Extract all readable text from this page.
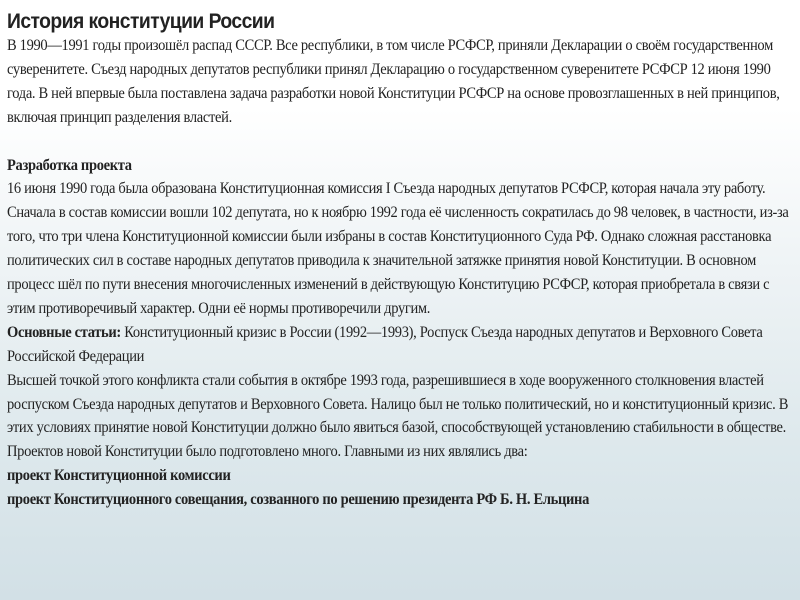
История конституции России

В 1990—1991 годы произошёл распад СССР. Все республики, в том числе РСФСР, приняли Декларации о своём государственном суверенитете. Съезд народных депутатов республики принял Декларацию о государственном суверенитете РСФСР 12 июня 1990 года. В ней впервые была поставлена задача разработки новой Конституции РСФСР на основе провозглашенных в ней принципов, включая принцип разделения властей.

Разработка проекта

16 июня 1990 года была образована Конституционная комиссия I Съезда народных депутатов РСФСР, которая начала эту работу. Сначала в состав комиссии вошли 102 депутата, но к ноябрю 1992 года её численность сократилась до 98 человек, в частности, из-за того, что три члена Конституционной комиссии были избраны в состав Конституционного Суда РФ. Однако сложная расстановка политических сил в составе народных депутатов приводила к значительной затяжке принятия новой Конституции. В основном процесс шёл по пути внесения многочисленных изменений в действующую Конституцию РСФСР, которая приобретала в связи с этим противоречивый характер. Одни её нормы противоречили другим.

Основные статьи: Конституционный кризис в России (1992—1993), Роспуск Съезда народных депутатов и Верховного Совета Российской Федерации

Высшей точкой этого конфликта стали события в октябре 1993 года, разрешившиеся в ходе вооруженного столкновения властей роспуском Съезда народных депутатов и Верховного Совета. Налицо был не только политический, но и конституционный кризис. В этих условиях принятие новой Конституции должно было явиться базой, способствующей установлению стабильности в обществе.

Проектов новой Конституции было подготовлено много. Главными из них являлись два:

проект Конституционной комиссии

проект Конституционного совещания, созванного по решению президента РФ Б. Н. Ельцина
